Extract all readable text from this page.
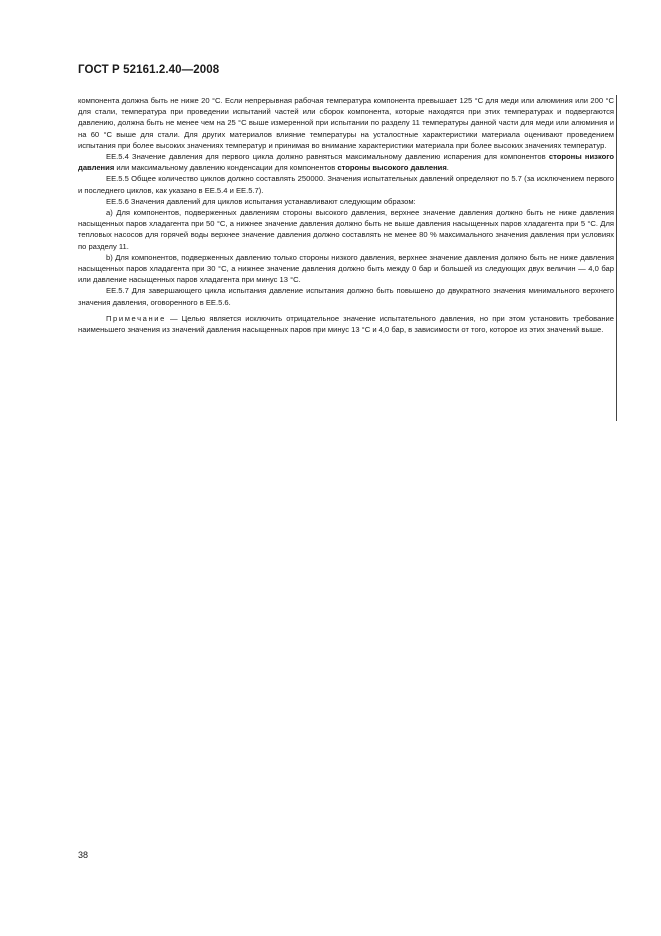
ГОСТ Р 52161.2.40—2008

компонента должна быть не ниже 20 °С. Если непрерывная рабочая температура компонента превышает 125 °С для меди или алюминия или 200 °С для стали, температура при проведении испытаний частей или сборок компонента, которые находятся при этих температурах и подвергаются давлению, должна быть не менее чем на 25 °С выше измеренной при испытании по разделу 11 температуры данной части для меди или алюминия и на 60 °С выше для стали. Для других материалов влияние температуры на усталостные характеристики материала оценивают проведением испытания при более высоких значениях температур и принимая во внимание характеристики материала при более высоких значениях температур.

ЕЕ.5.4 Значение давления для первого цикла должно равняться максимальному давлению испарения для компонентов стороны низкого давления или максимальному давлению конденсации для компонентов стороны высокого давления.

ЕЕ.5.5 Общее количество циклов должно составлять 250000. Значения испытательных давлений определяют по 5.7 (за исключением первого и последнего циклов, как указано в ЕЕ.5.4 и ЕЕ.5.7).

ЕЕ.5.6 Значения давлений для циклов испытания устанавливают следующим образом:

а) Для компонентов, подверженных давлениям стороны высокого давления, верхнее значение давления должно быть не ниже давления насыщенных паров хладагента при 50 °С, а нижнее значение давления должно быть не выше давления насыщенных паров хладагента при 5 °С. Для тепловых насосов для горячей воды верхнее значение давления должно составлять не менее 80 % максимального значения давления при условиях по разделу 11.

b) Для компонентов, подверженных давлению только стороны низкого давления, верхнее значение давления должно быть не ниже давления насыщенных паров хладагента при 30 °С, а нижнее значение давления должно быть между 0 бар и большей из следующих двух величин — 4,0 бар или давление насыщенных паров хладагента при минус 13 °С.

ЕЕ.5.7 Для завершающего цикла испытания давление испытания должно быть повышено до двукратного значения минимального верхнего значения давления, оговоренного в ЕЕ.5.6.

Примечание — Целью является исключить отрицательное значение испытательного давления, но при этом установить требование наименьшего значения из значений давления насыщенных паров при минус 13 °С и 4,0 бар, в зависимости от того, которое из этих значений выше.

38
